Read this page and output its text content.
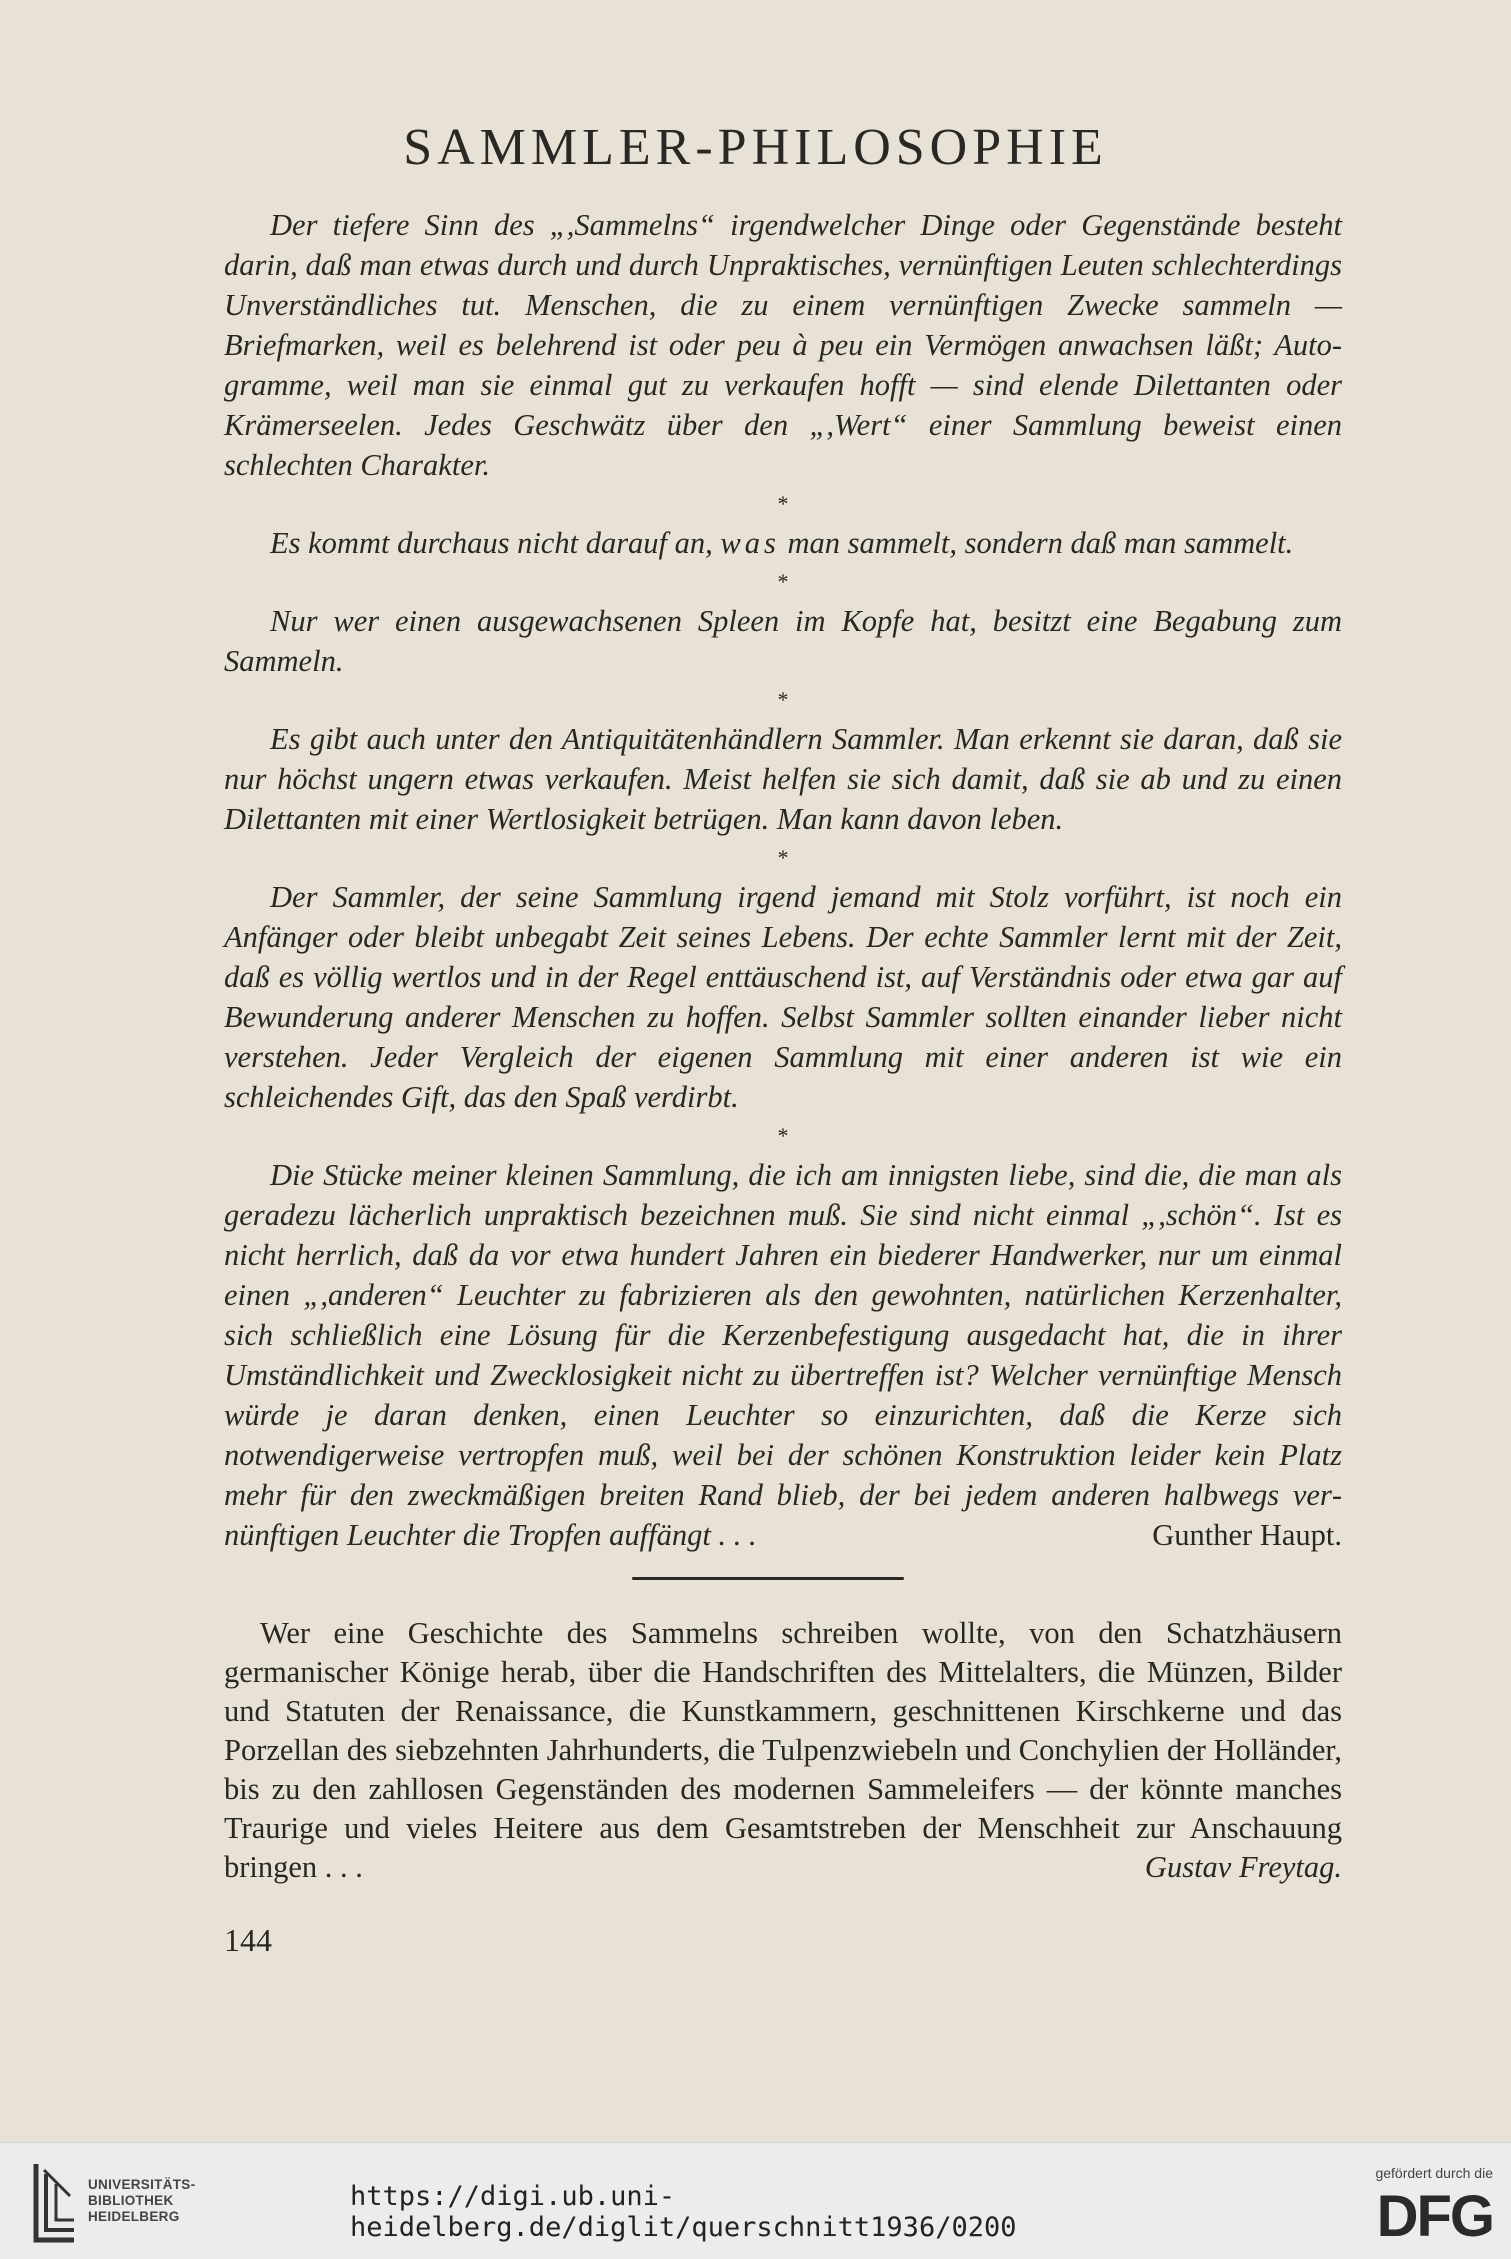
SAMMLER-PHILOSOPHIE

Der tiefere Sinn des „,Sammelns“ irgendwelcher Dinge oder Gegenstände besteht darin, daß man etwas durch und durch Unpraktisches, vernünftigen Leuten schlechterdings Unverständliches tut. Menschen, die zu einem vernünftigen Zwecke sammeln — Briefmarken, weil es belehrend ist oder peu à peu ein Vermögen anwachsen läßt; Autogramme, weil man sie einmal gut zu verkaufen hofft — sind elende Dilettanten oder Krämerseelen. Jedes Geschwätz über den „,Wert“ einer Sammlung beweist einen schlechten Charakter.

*

Es kommt durchaus nicht darauf an, was man sammelt, sondern daß man sammelt.

*

Nur wer einen ausgewachsenen Spleen im Kopfe hat, besitzt eine Begabung zum Sammeln.

*

Es gibt auch unter den Antiquitätenhändlern Sammler. Man erkennt sie daran, daß sie nur höchst ungern etwas verkaufen. Meist helfen sie sich damit, daß sie ab und zu einen Dilettanten mit einer Wertlosigkeit betrügen. Man kann davon leben.

*

Der Sammler, der seine Sammlung irgend jemand mit Stolz vorführt, ist noch ein Anfänger oder bleibt unbegabt Zeit seines Lebens. Der echte Sammler lernt mit der Zeit, daß es völlig wertlos und in der Regel enttäuschend ist, auf Verständnis oder etwa gar auf Bewunderung anderer Menschen zu hoffen. Selbst Sammler sollten einander lieber nicht verstehen. Jeder Vergleich der eigenen Sammlung mit einer anderen ist wie ein schleichendes Gift, das den Spaß verdirbt.

*

Die Stücke meiner kleinen Sammlung, die ich am innigsten liebe, sind die, die man als geradezu lächerlich unpraktisch bezeichnen muß. Sie sind nicht einmal „,schön“. Ist es nicht herrlich, daß da vor etwa hundert Jahren ein biederer Handwerker, nur um einmal einen „,anderen“ Leuchter zu fabrizieren als den gewohnten, natürlichen Kerzenhalter, sich schließlich eine Lösung für die Kerzenbefestigung ausgedacht hat, die in ihrer Umständlichkeit und Zwecklosigkeit nicht zu übertreffen ist? Welcher vernünftige Mensch würde je daran denken, einen Leuchter so einzurichten, daß die Kerze sich notwendigerweise vertropfen muß, weil bei der schönen Konstruktion leider kein Platz mehr für den zweckmäßigen breiten Rand blieb, der bei jedem anderen halbwegs vernünftigen Leuchter die Tropfen auffängt . . .	Gunther Haupt.

Wer eine Geschichte des Sammelns schreiben wollte, von den Schatzhäusern germanischer Könige herab, über die Handschriften des Mittelalters, die Münzen, Bilder und Statuten der Renaissance, die Kunstkammern, geschnittenen Kirschkerne und das Porzellan des siebzehnten Jahrhunderts, die Tulpenzwiebeln und Conchylien der Holländer, bis zu den zahllosen Gegenständen des modernen Sammeleifers — der könnte manches Traurige und vieles Heitere aus dem Gesamtstreben der Menschheit zur Anschauung bringen . . .	Gustav Freytag.

144
UNIVERSITÄTS-
BIBLIOTHEK
HEIDELBERG
https://digi.ub.uni-heidelberg.de/diglit/querschnitt1936/0200
gefördert durch die
DFG
